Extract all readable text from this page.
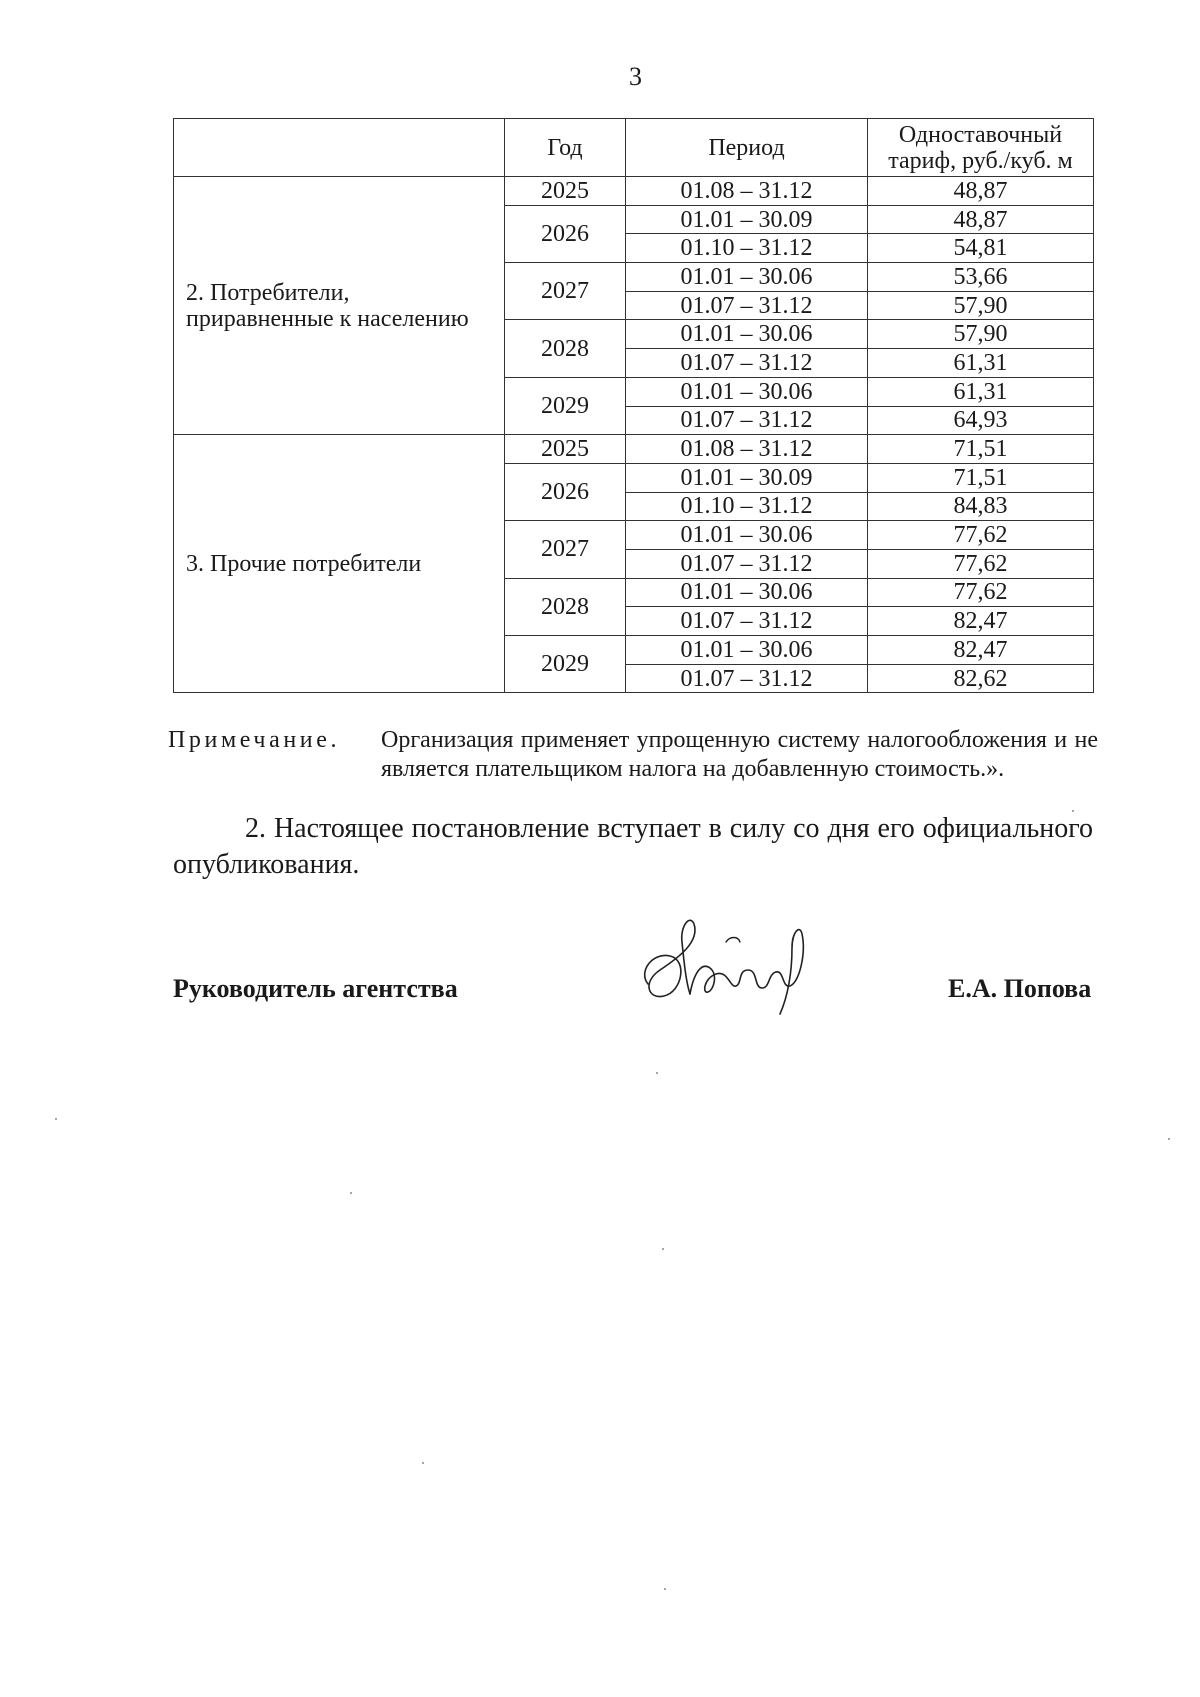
3
	Год	Период	Одноставочный
тариф, руб./куб. м
2. Потребители,
приравненные к населению	2025	01.08 – 31.12	48,87
	2026	01.01 – 30.09	48,87
		01.10 – 31.12	54,81
	2027	01.01 – 30.06	53,66
		01.07 – 31.12	57,90
	2028	01.01 – 30.06	57,90
		01.07 – 31.12	61,31
	2029	01.01 – 30.06	61,31
		01.07 – 31.12	64,93
3. Прочие потребители	2025	01.08 – 31.12	71,51
	2026	01.01 – 30.09	71,51
		01.10 – 31.12	84,83
	2027	01.01 – 30.06	77,62
		01.07 – 31.12	77,62
	2028	01.01 – 30.06	77,62
		01.07 – 31.12	82,47
	2029	01.01 – 30.06	82,47
		01.07 – 31.12	82,62
Примечание. Организация применяет упрощенную систему налогообложения и не является плательщиком налога на добавленную стоимость.».
2. Настоящее постановление вступает в силу со дня его официального опубликования.
Руководитель агентства	Е.А. Попова
